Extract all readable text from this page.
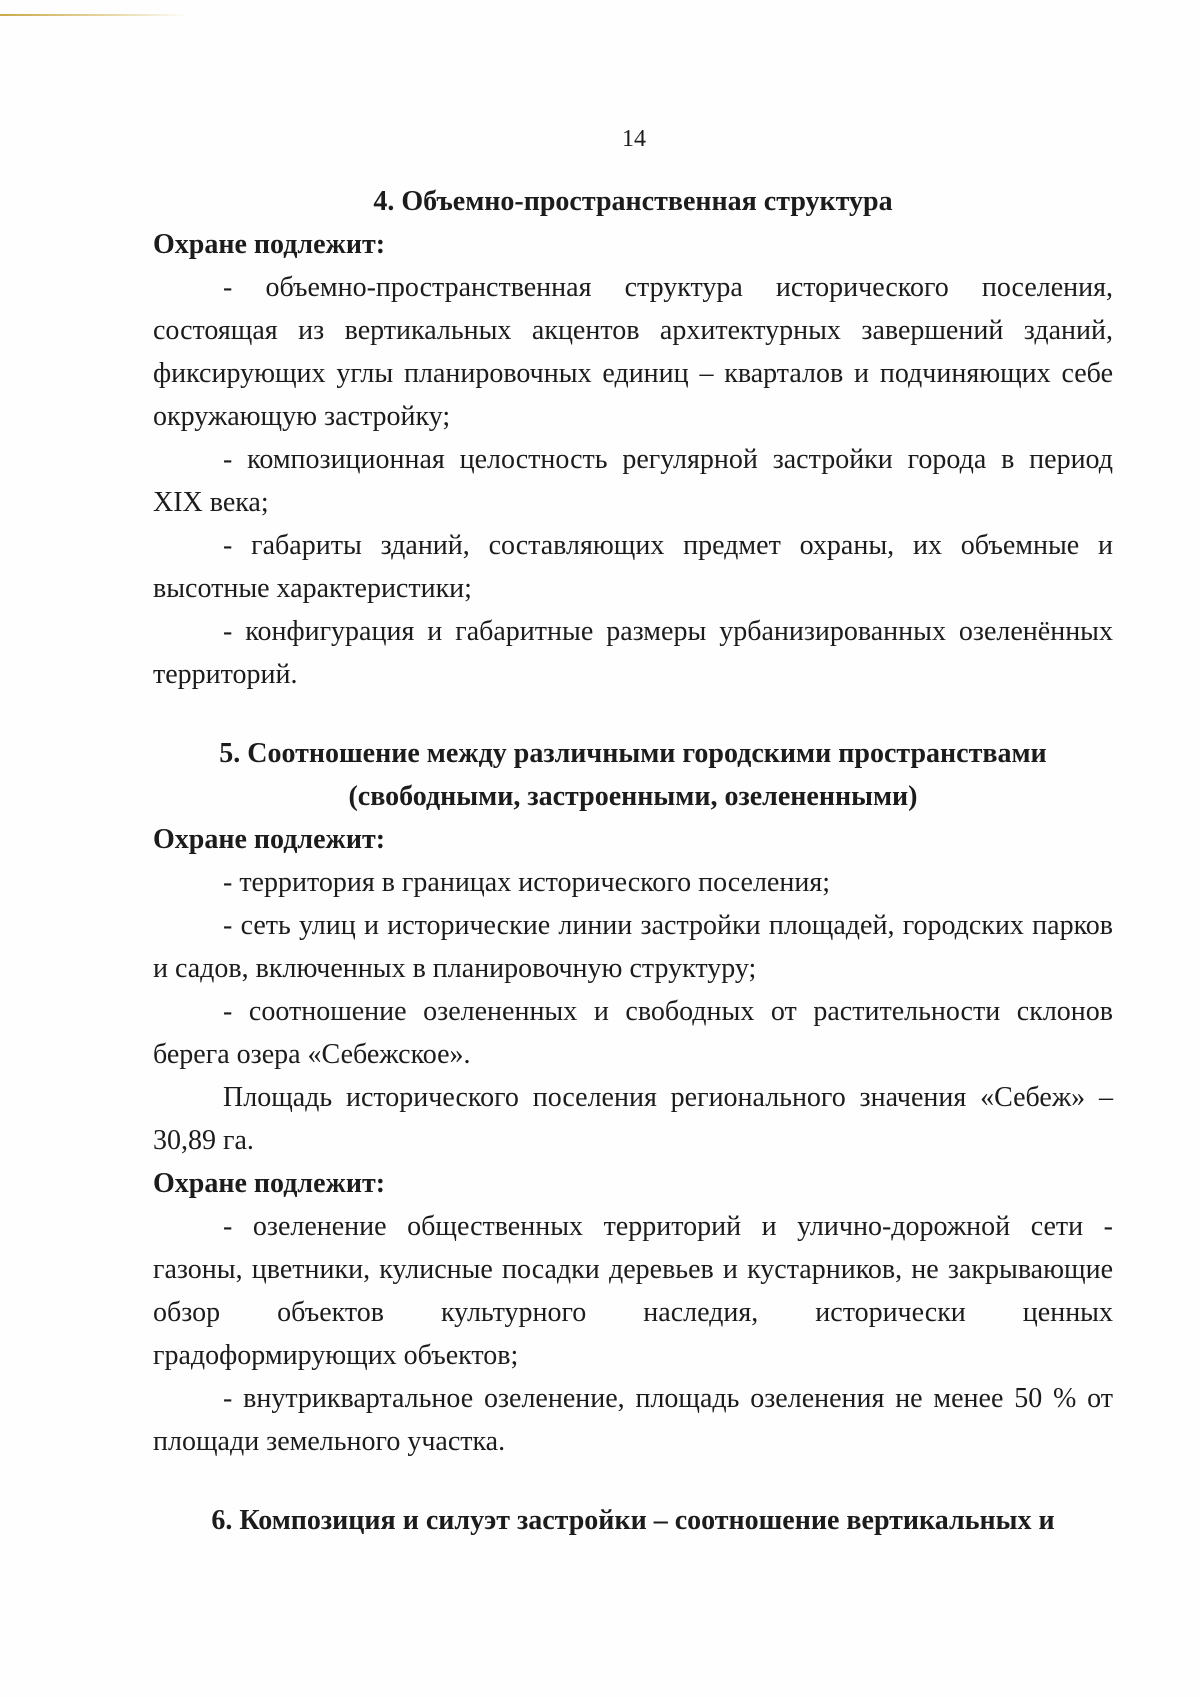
14

4. Объемно-пространственная структура

Охране подлежит:

- объемно-пространственная структура исторического поселения, состоящая из вертикальных акцентов архитектурных завершений зданий, фиксирующих углы планировочных единиц – кварталов и подчиняющих себе окружающую застройку;

- композиционная целостность регулярной застройки города в период XIX века;

- габариты зданий, составляющих предмет охраны, их объемные и высотные характеристики;

- конфигурация и габаритные размеры урбанизированных озеленённых территорий.

5. Соотношение между различными городскими пространствами

(свободными, застроенными, озелененными)

Охране подлежит:

- территория в границах исторического поселения;

- сеть улиц и исторические линии застройки площадей, городских парков и садов, включенных в планировочную структуру;

- соотношение озелененных и свободных от растительности склонов берега озера «Себежское».

Площадь исторического поселения регионального значения «Себеж» – 30,89 га.

Охране подлежит:

- озеленение общественных территорий и улично-дорожной сети - газоны, цветники, кулисные посадки деревьев и кустарников, не закрывающие обзор объектов культурного наследия, исторически ценных градоформирующих объектов;

- внутриквартальное озеленение, площадь озеленения не менее 50 % от площади земельного участка.

6. Композиция и силуэт застройки – соотношение вертикальных и
